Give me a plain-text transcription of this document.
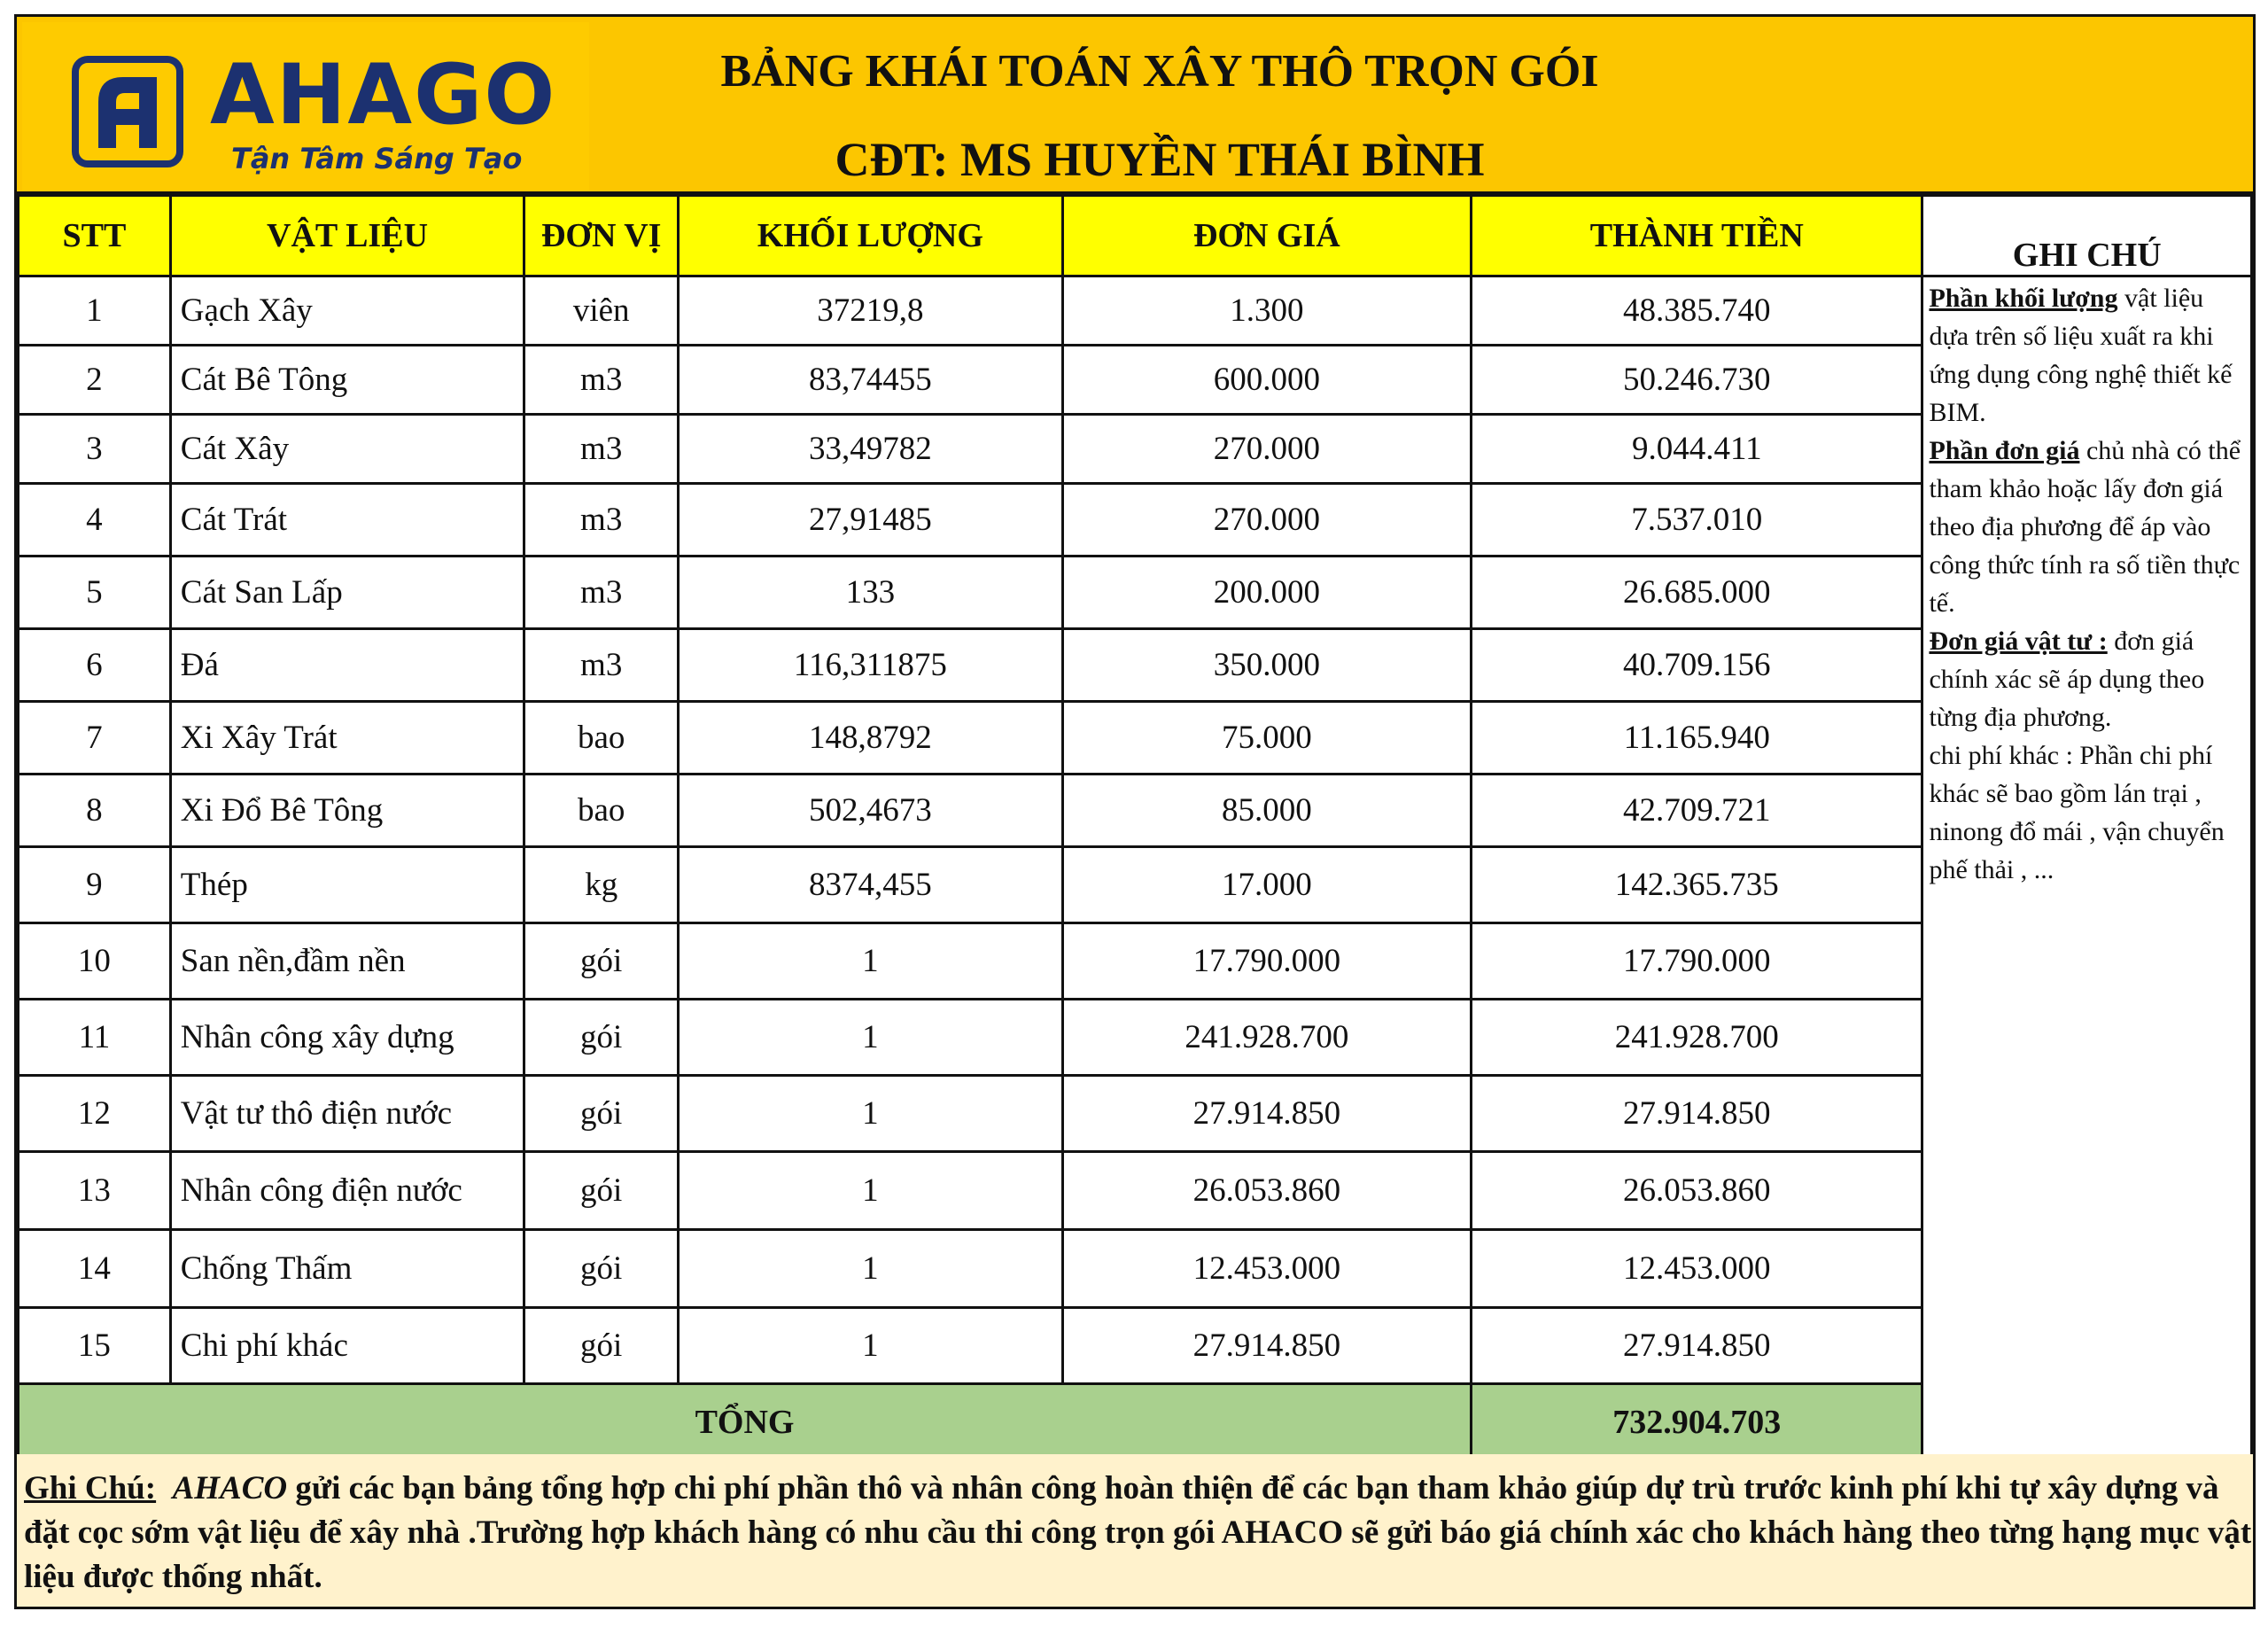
AHAGO
Tận Tâm Sáng Tạo
BẢNG KHÁI TOÁN XÂY THÔ TRỌN GÓI
CĐT: MS HUYỀN THÁI BÌNH
STT	VẬT LIỆU	ĐƠN VỊ	KHỐI LƯỢNG	ĐƠN GIÁ	THÀNH TIỀN	GHI CHÚ
1	Gạch Xây	viên	37219,8	1.300	48.385.740	Phần khối lượng vật liệu dựa trên số liệu xuất ra khi ứng dụng công nghệ thiết kế BIM.
Phần đơn giá chủ nhà có thể tham khảo hoặc lấy đơn giá theo địa phương để áp vào công thức tính ra số tiền thực tế.
Đơn giá vật tư : đơn giá chính xác sẽ áp dụng theo từng địa phương.
chi phí khác : Phần chi phí khác sẽ bao gồm lán trại , ninong đổ mái , vận chuyển phế thải , ...
2	Cát Bê Tông	m3	83,74455	600.000	50.246.730	
3	Cát Xây	m3	33,49782	270.000	9.044.411	
4	Cát Trát	m3	27,91485	270.000	7.537.010	
5	Cát San Lấp	m3	133	200.000	26.685.000	
6	Đá	m3	116,311875	350.000	40.709.156	
7	Xi Xây Trát	bao	148,8792	75.000	11.165.940	
8	Xi Đổ Bê Tông	bao	502,4673	85.000	42.709.721	
9	Thép	kg	8374,455	17.000	142.365.735	
10	San nền,đầm nền	gói	1	17.790.000	17.790.000	
11	Nhân công xây dựng	gói	1	241.928.700	241.928.700	
12	Vật tư thô điện nước	gói	1	27.914.850	27.914.850	
13	Nhân công điện nước	gói	1	26.053.860	26.053.860	
14	Chống Thấm	gói	1	12.453.000	12.453.000	
15	Chi phí khác	gói	1	27.914.850	27.914.850	
TỔNG					732.904.703	
Ghi Chú: AHACO gửi các bạn bảng tổng hợp chi phí phần thô và nhân công hoàn thiện để các bạn tham khảo giúp dự trù trước kinh phí khi tự xây dựng và đặt cọc sớm vật liệu để xây nhà .Trường hợp khách hàng có nhu cầu thi công trọn gói AHACO sẽ gửi báo giá chính xác cho khách hàng theo từng hạng mục vật liệu được thống nhất.
